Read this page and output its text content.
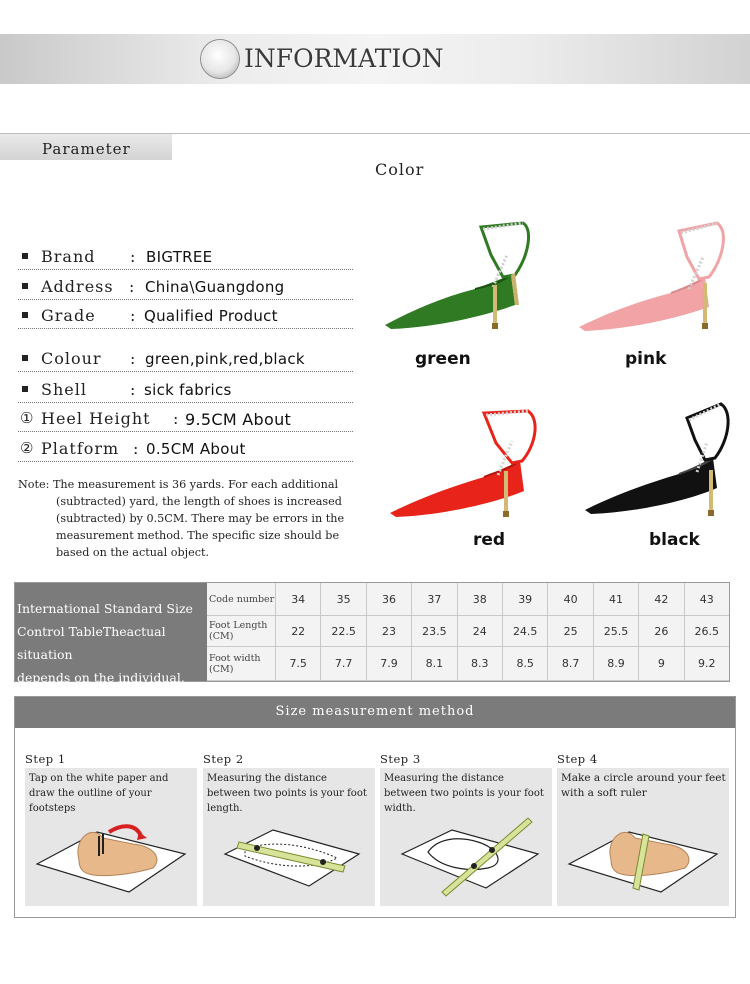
INFORMATION
Parameter
Color
Brand : BIGTREE
Address : China\Guangdong
Grade : Qualified Product
Colour : green,pink,red,black
Shell	: sick fabrics
① Heel Height : 9.5CM About
② Platform : 0.5CM About
Note: The measurement is 36 yards. For each additional
(subtracted) yard, the length of shoes is increased
(subtracted) by 0.5CM. There may be errors in the
measurement method. The specific size should be
based on the actual object.
green	pink
red	black
International Standard Size
Control TableTheactual situation
depends on the individual.
Code number	34	35	36	37	38	39	40	41	42	43
Foot Length (CM)	22	22.5	23	23.5	24	24.5	25	25.5	26	26.5
Foot width (CM)	7.5	7.7	7.9	8.1	8.3	8.5	8.7	8.9	9	9.2
Size measurement method
Step 1
Tap on the white paper and draw the outline of your footsteps
Step 2
Measuring the distance between two points is your foot length.
Step 3
Measuring the distance between two points is your foot width.
Step 4
Make a circle around your feet with a soft ruler
